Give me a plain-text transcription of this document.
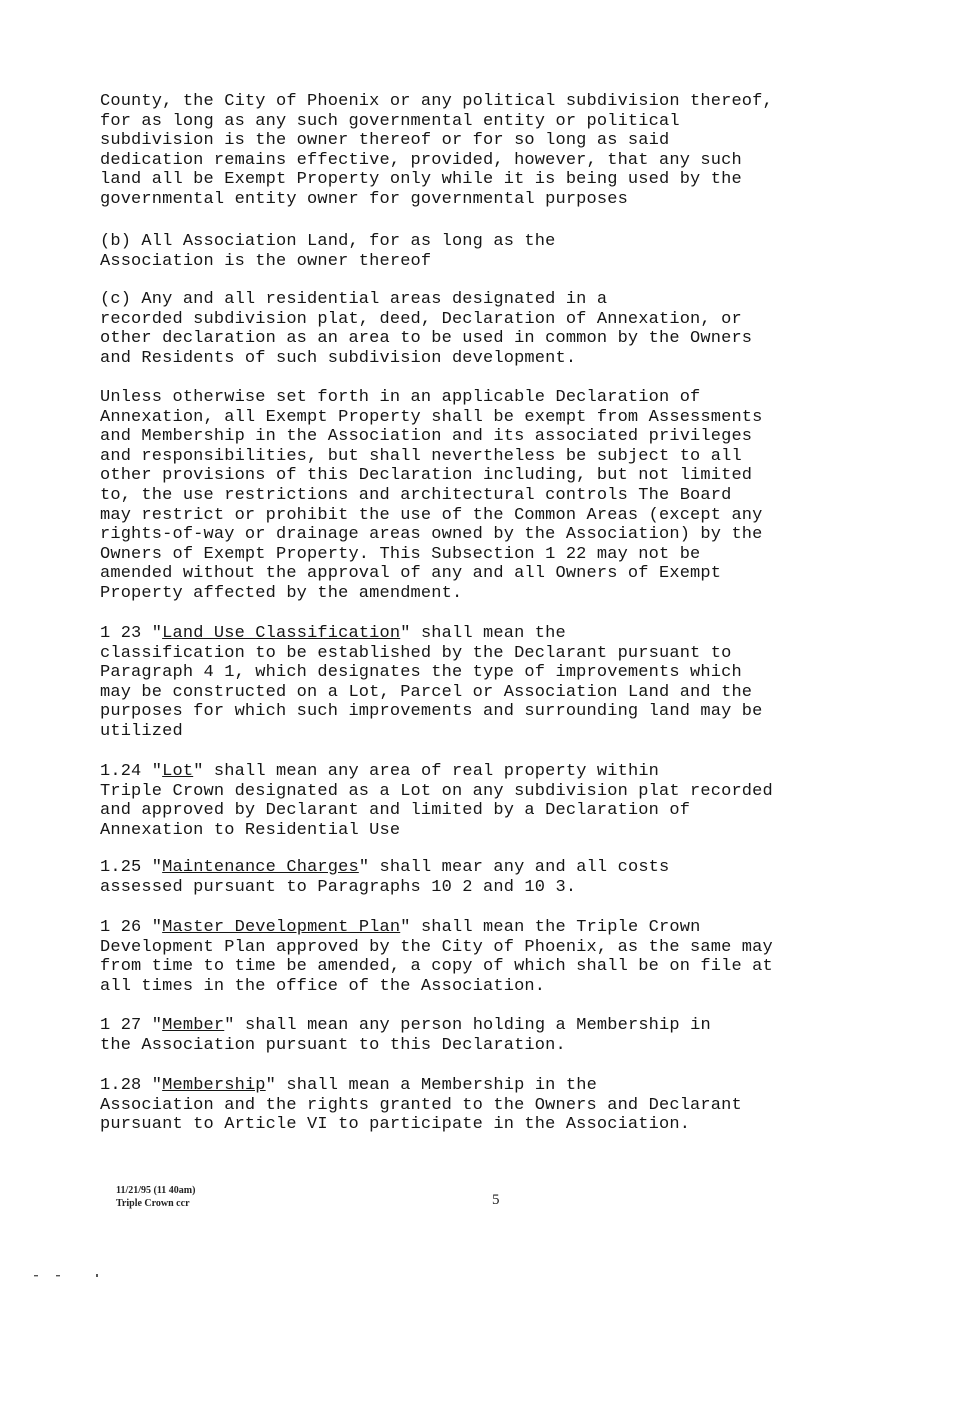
County, the City of Phoenix or any political subdivision thereof,
for as long as any such governmental entity or political
subdivision is the owner thereof or for so long as said
dedication remains effective, provided, however, that any such
land all be Exempt Property only while it is being used by the
governmental entity owner for governmental purposes
(b) All Association Land, for as long as the
Association is the owner thereof
(c) Any and all residential areas designated in a
recorded subdivision plat, deed, Declaration of Annexation, or
other declaration as an area to be used in common by the Owners
and Residents of such subdivision development.
Unless otherwise set forth in an applicable Declaration of
Annexation, all Exempt Property shall be exempt from Assessments
and Membership in the Association and its associated privileges
and responsibilities, but shall nevertheless be subject to all
other provisions of this Declaration including, but not limited
to, the use restrictions and architectural controls The Board
may restrict or prohibit the use of the Common Areas (except any
rights-of-way or drainage areas owned by the Association) by the
Owners of Exempt Property. This Subsection 1 22 may not be
amended without the approval of any and all Owners of Exempt
Property affected by the amendment.
1 23 "Land Use Classification" shall mean the
classification to be established by the Declarant pursuant to
Paragraph 4 1, which designates the type of improvements which
may be constructed on a Lot, Parcel or Association Land and the
purposes for which such improvements and surrounding land may be
utilized
1.24 "Lot" shall mean any area of real property within
Triple Crown designated as a Lot on any subdivision plat recorded
and approved by Declarant and limited by a Declaration of
Annexation to Residential Use
1.25 "Maintenance Charges" shall mear any and all costs
assessed pursuant to Paragraphs 10 2 and 10 3.
1 26 "Master Development Plan" shall mean the Triple Crown
Development Plan approved by the City of Phoenix, as the same may
from time to time be amended, a copy of which shall be on file at
all times in the office of the Association.
1 27 "Member" shall mean any person holding a Membership in
the Association pursuant to this Declaration.
1.28 "Membership" shall mean a Membership in the
Association and the rights granted to the Owners and Declarant
pursuant to Article VI to participate in the Association.
11/21/95 (11 40am)
Triple Crown ccr	5
